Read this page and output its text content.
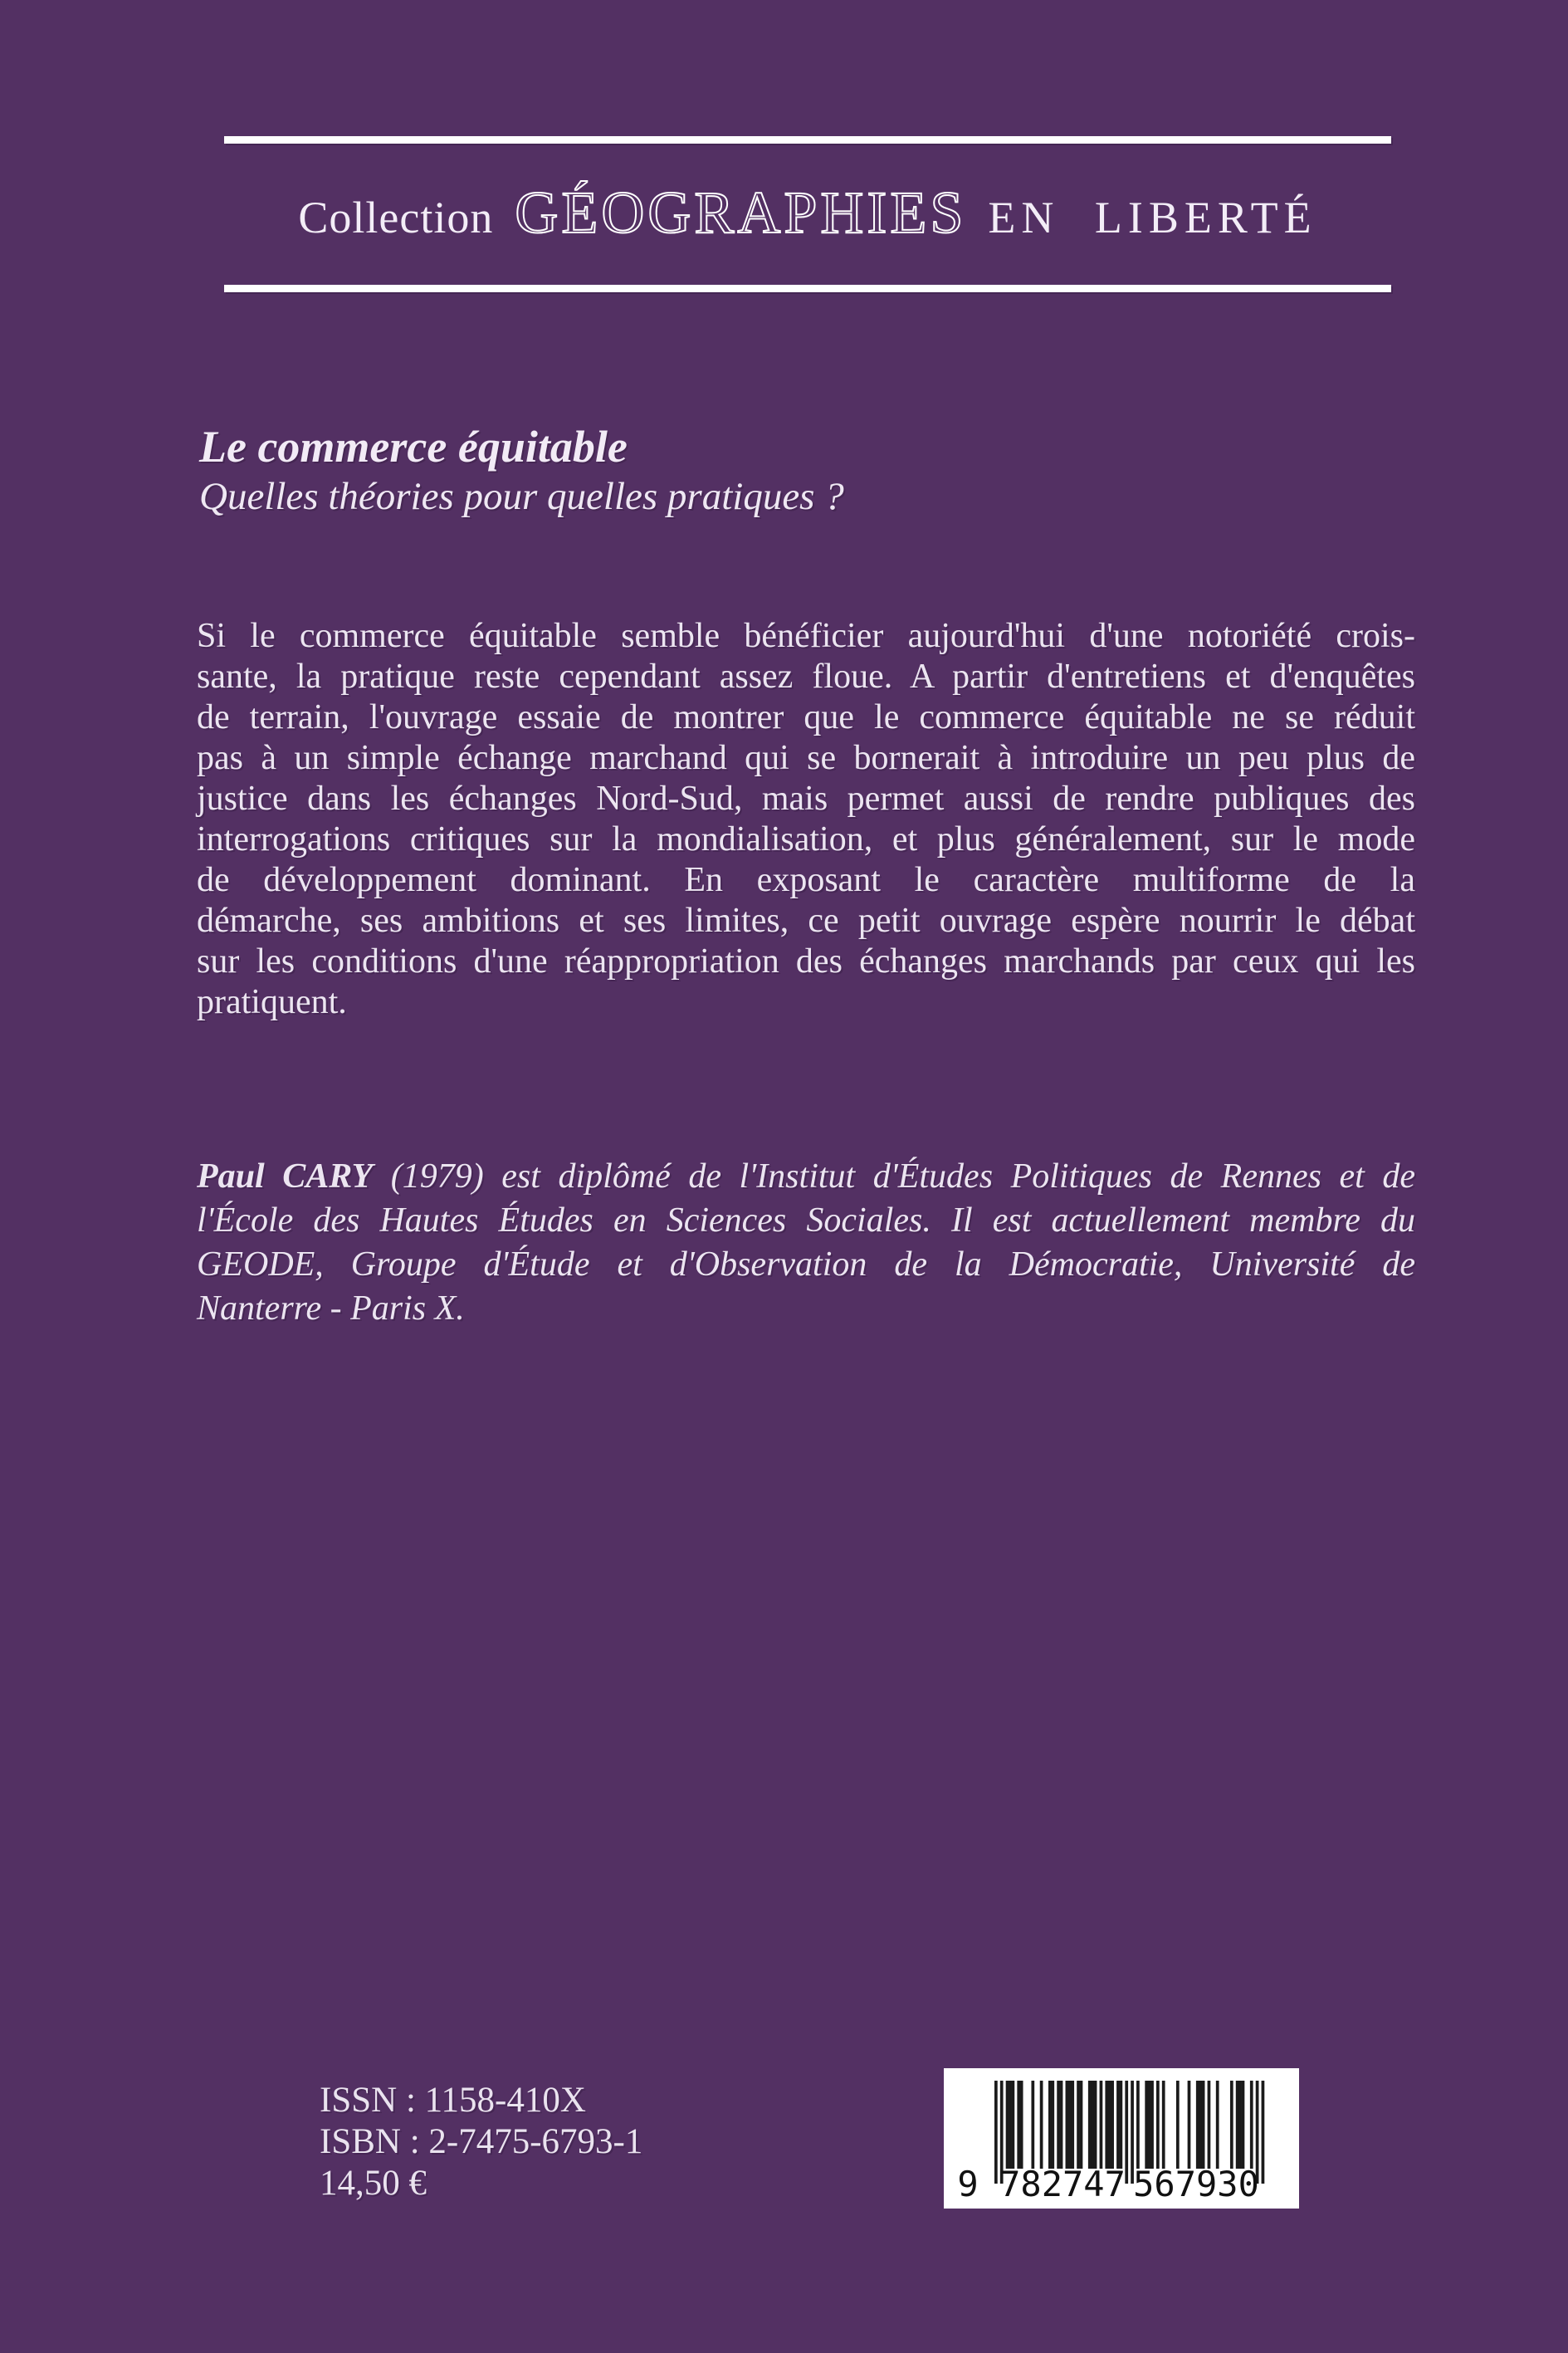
Collection GÉOGRAPHIES EN LIBERTÉ
Le commerce équitable
Quelles théories pour quelles pratiques ?
Si le commerce équitable semble bénéficier aujourd'hui d'une notoriété crois-
sante, la pratique reste cependant assez floue. A partir d'entretiens et d'enquêtes
de terrain, l'ouvrage essaie de montrer que le commerce équitable ne se réduit
pas à un simple échange marchand qui se bornerait à introduire un peu plus de
justice dans les échanges Nord-Sud, mais permet aussi de rendre publiques des
interrogations critiques sur la mondialisation, et plus généralement, sur le mode
de développement dominant. En exposant le caractère multiforme de la
démarche, ses ambitions et ses limites, ce petit ouvrage espère nourrir le débat
sur les conditions d'une réappropriation des échanges marchands par ceux qui les
pratiquent.
Paul CARY (1979) est diplômé de l'Institut d'Études Politiques de Rennes et de
l'École des Hautes Études en Sciences Sociales. Il est actuellement membre du
GEODE, Groupe d'Étude et d'Observation de la Démocratie, Université de
Nanterre - Paris X.
ISSN : 1158-410X
ISBN : 2-7475-6793-1
14,50 €	9 782747 567930
